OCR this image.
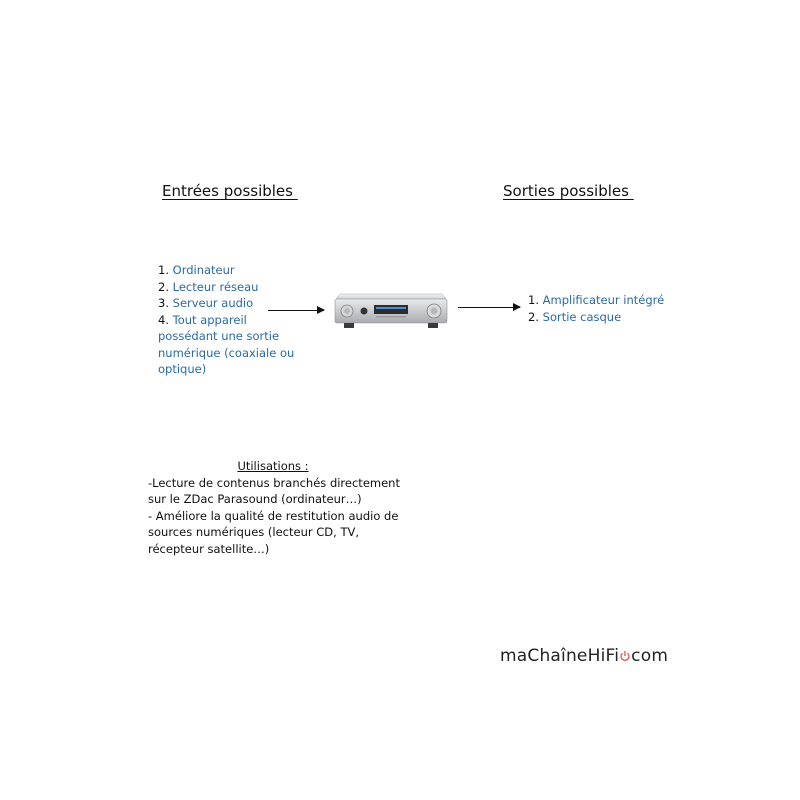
Entrées possibles	Sorties possibles
1. Ordinateur
2. Lecteur réseau
3. Serveur audio
4. Tout appareil
possédant une sortie
numérique (coaxiale ou
optique)
1. Amplificateur intégré
2. Sortie casque
Utilisations :
-Lecture de contenus branchés directement
sur le ZDac Parasound (ordinateur…)
- Améliore la qualité de restitution audio de
sources numériques (lecteur CD, TV,
récepteur satellite…)
maChaîneHiFi com
